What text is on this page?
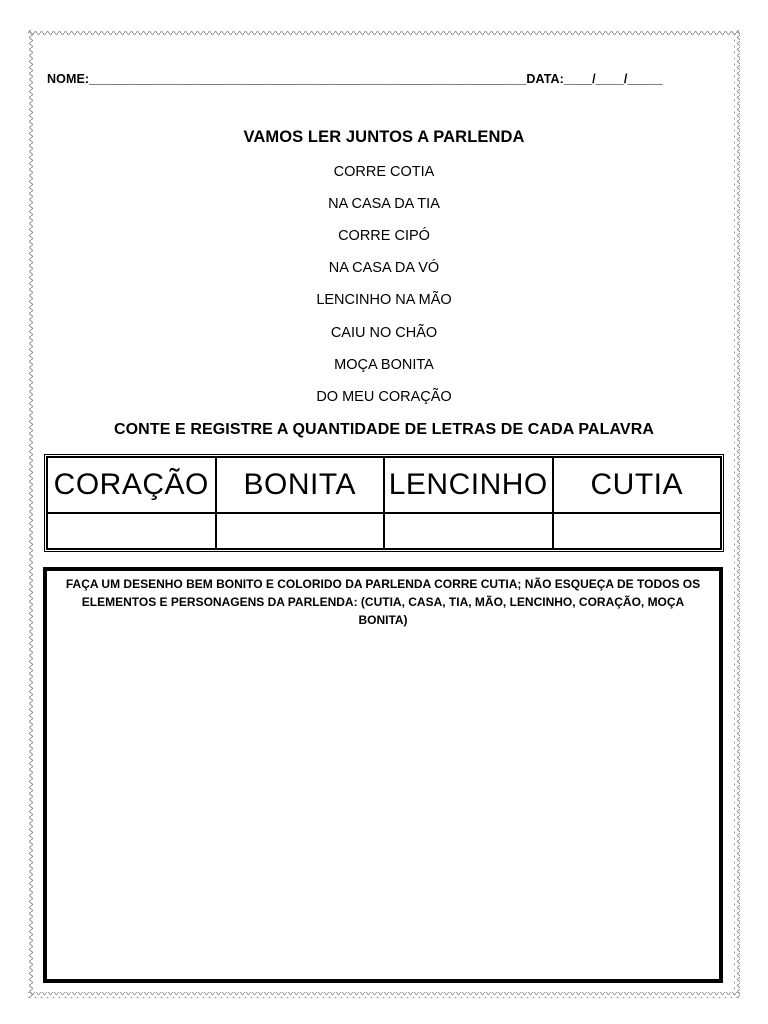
NOME:______________________________________________________________DATA:____/____/_____
VAMOS LER JUNTOS A PARLENDA
CORRE COTIA
NA CASA DA TIA
CORRE CIPÓ
NA CASA DA VÓ
LENCINHO NA MÃO
CAIU NO CHÃO
MOÇA BONITA
DO MEU CORAÇÃO
CONTE E REGISTRE A QUANTIDADE DE LETRAS DE CADA PALAVRA
CORAÇÃO	BONITA	LENCINHO	CUTIA

FAÇA UM DESENHO BEM BONITO E COLORIDO DA PARLENDA CORRE CUTIA; NÃO ESQUEÇA DE TODOS OS ELEMENTOS E PERSONAGENS DA PARLENDA: (CUTIA, CASA, TIA, MÃO, LENCINHO, CORAÇÃO, MOÇA BONITA)
